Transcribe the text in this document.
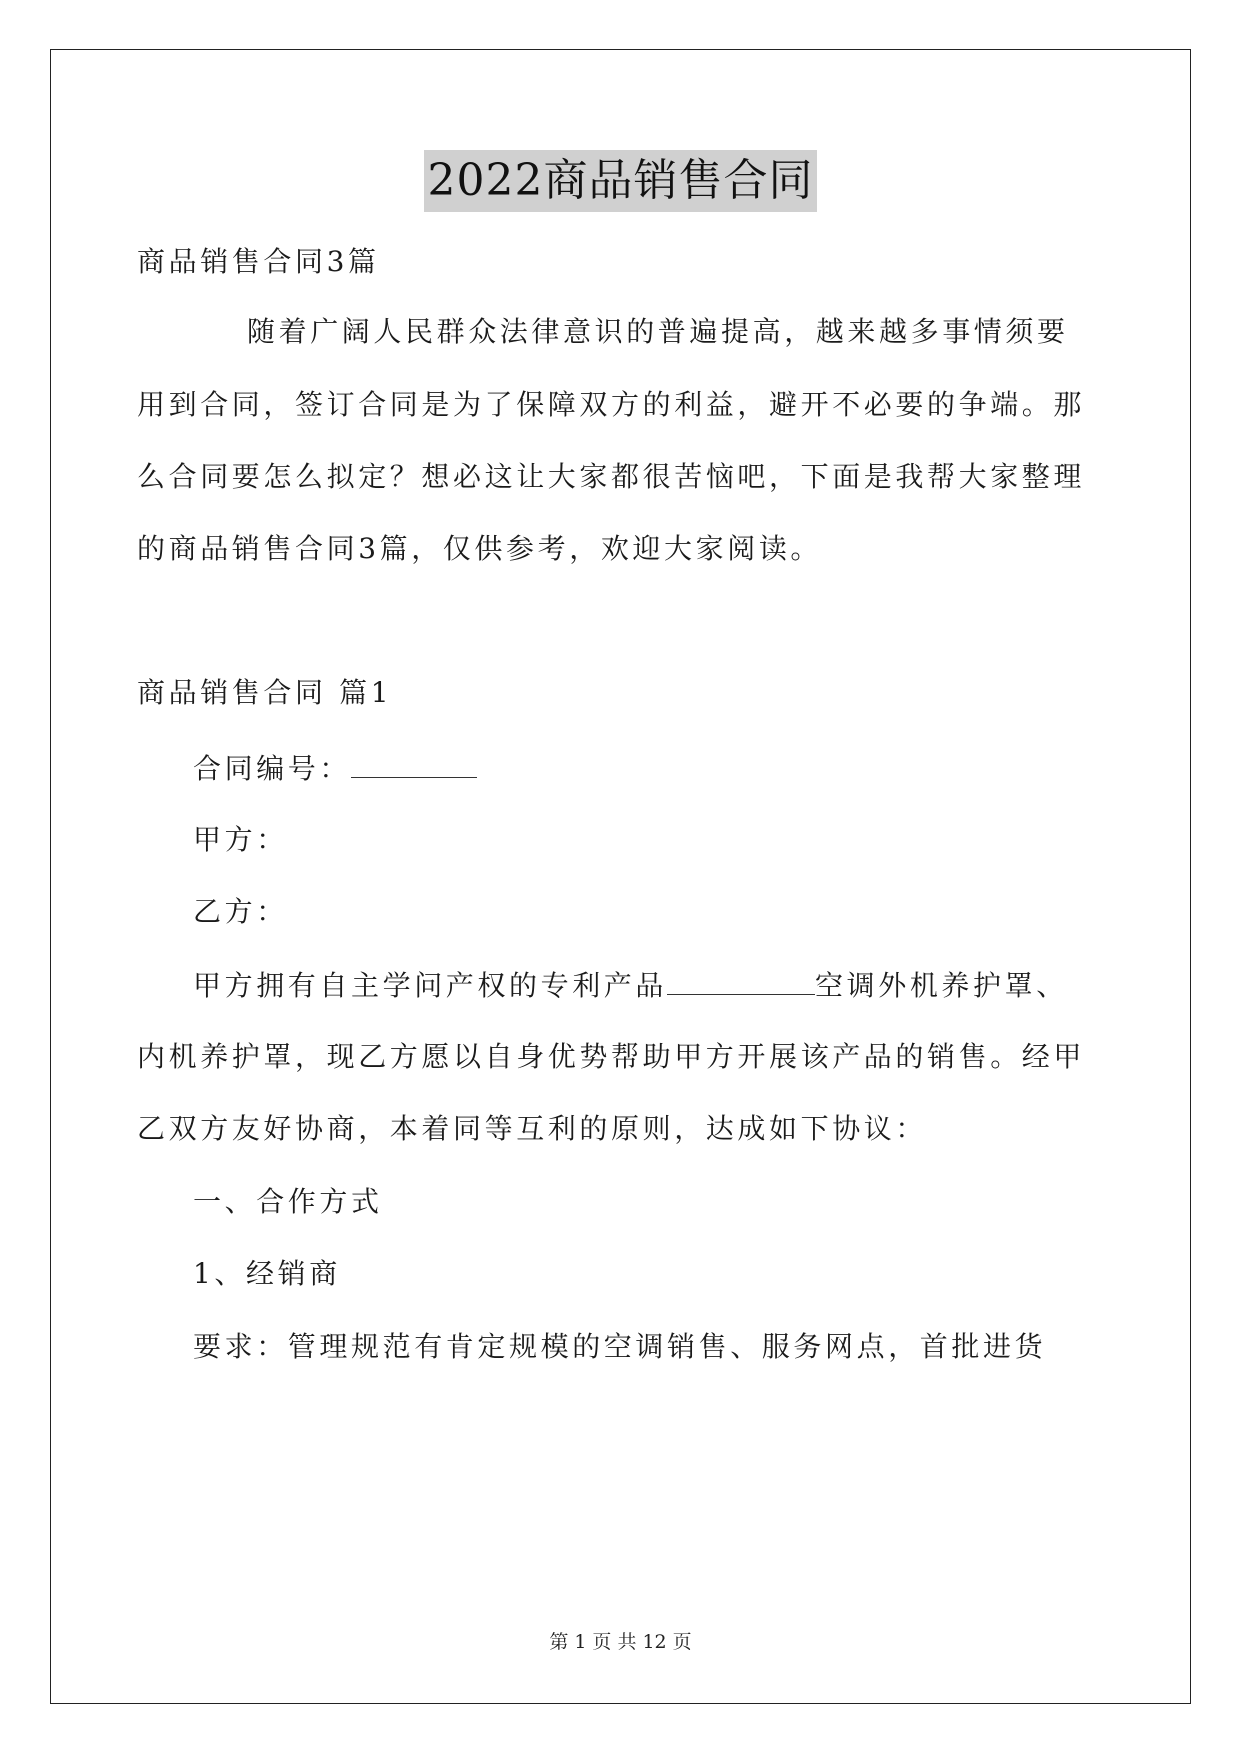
2022商品销售合同
商品销售合同3篇
随着广阔人民群众法律意识的普遍提高，越来越多事情须要
用到合同，签订合同是为了保障双方的利益，避开不必要的争端。那
么合同要怎么拟定？想必这让大家都很苦恼吧，下面是我帮大家整理
的商品销售合同3篇，仅供参考，欢迎大家阅读。
商品销售合同 篇1
合同编号：
甲方：
乙方：
甲方拥有自主学问产权的专利产品	空调外机养护罩、
内机养护罩，现乙方愿以自身优势帮助甲方开展该产品的销售。经甲
乙双方友好协商，本着同等互利的原则，达成如下协议：
一、合作方式
1、经销商
要求：管理规范有肯定规模的空调销售、服务网点，首批进货
第 1 页 共 12 页
